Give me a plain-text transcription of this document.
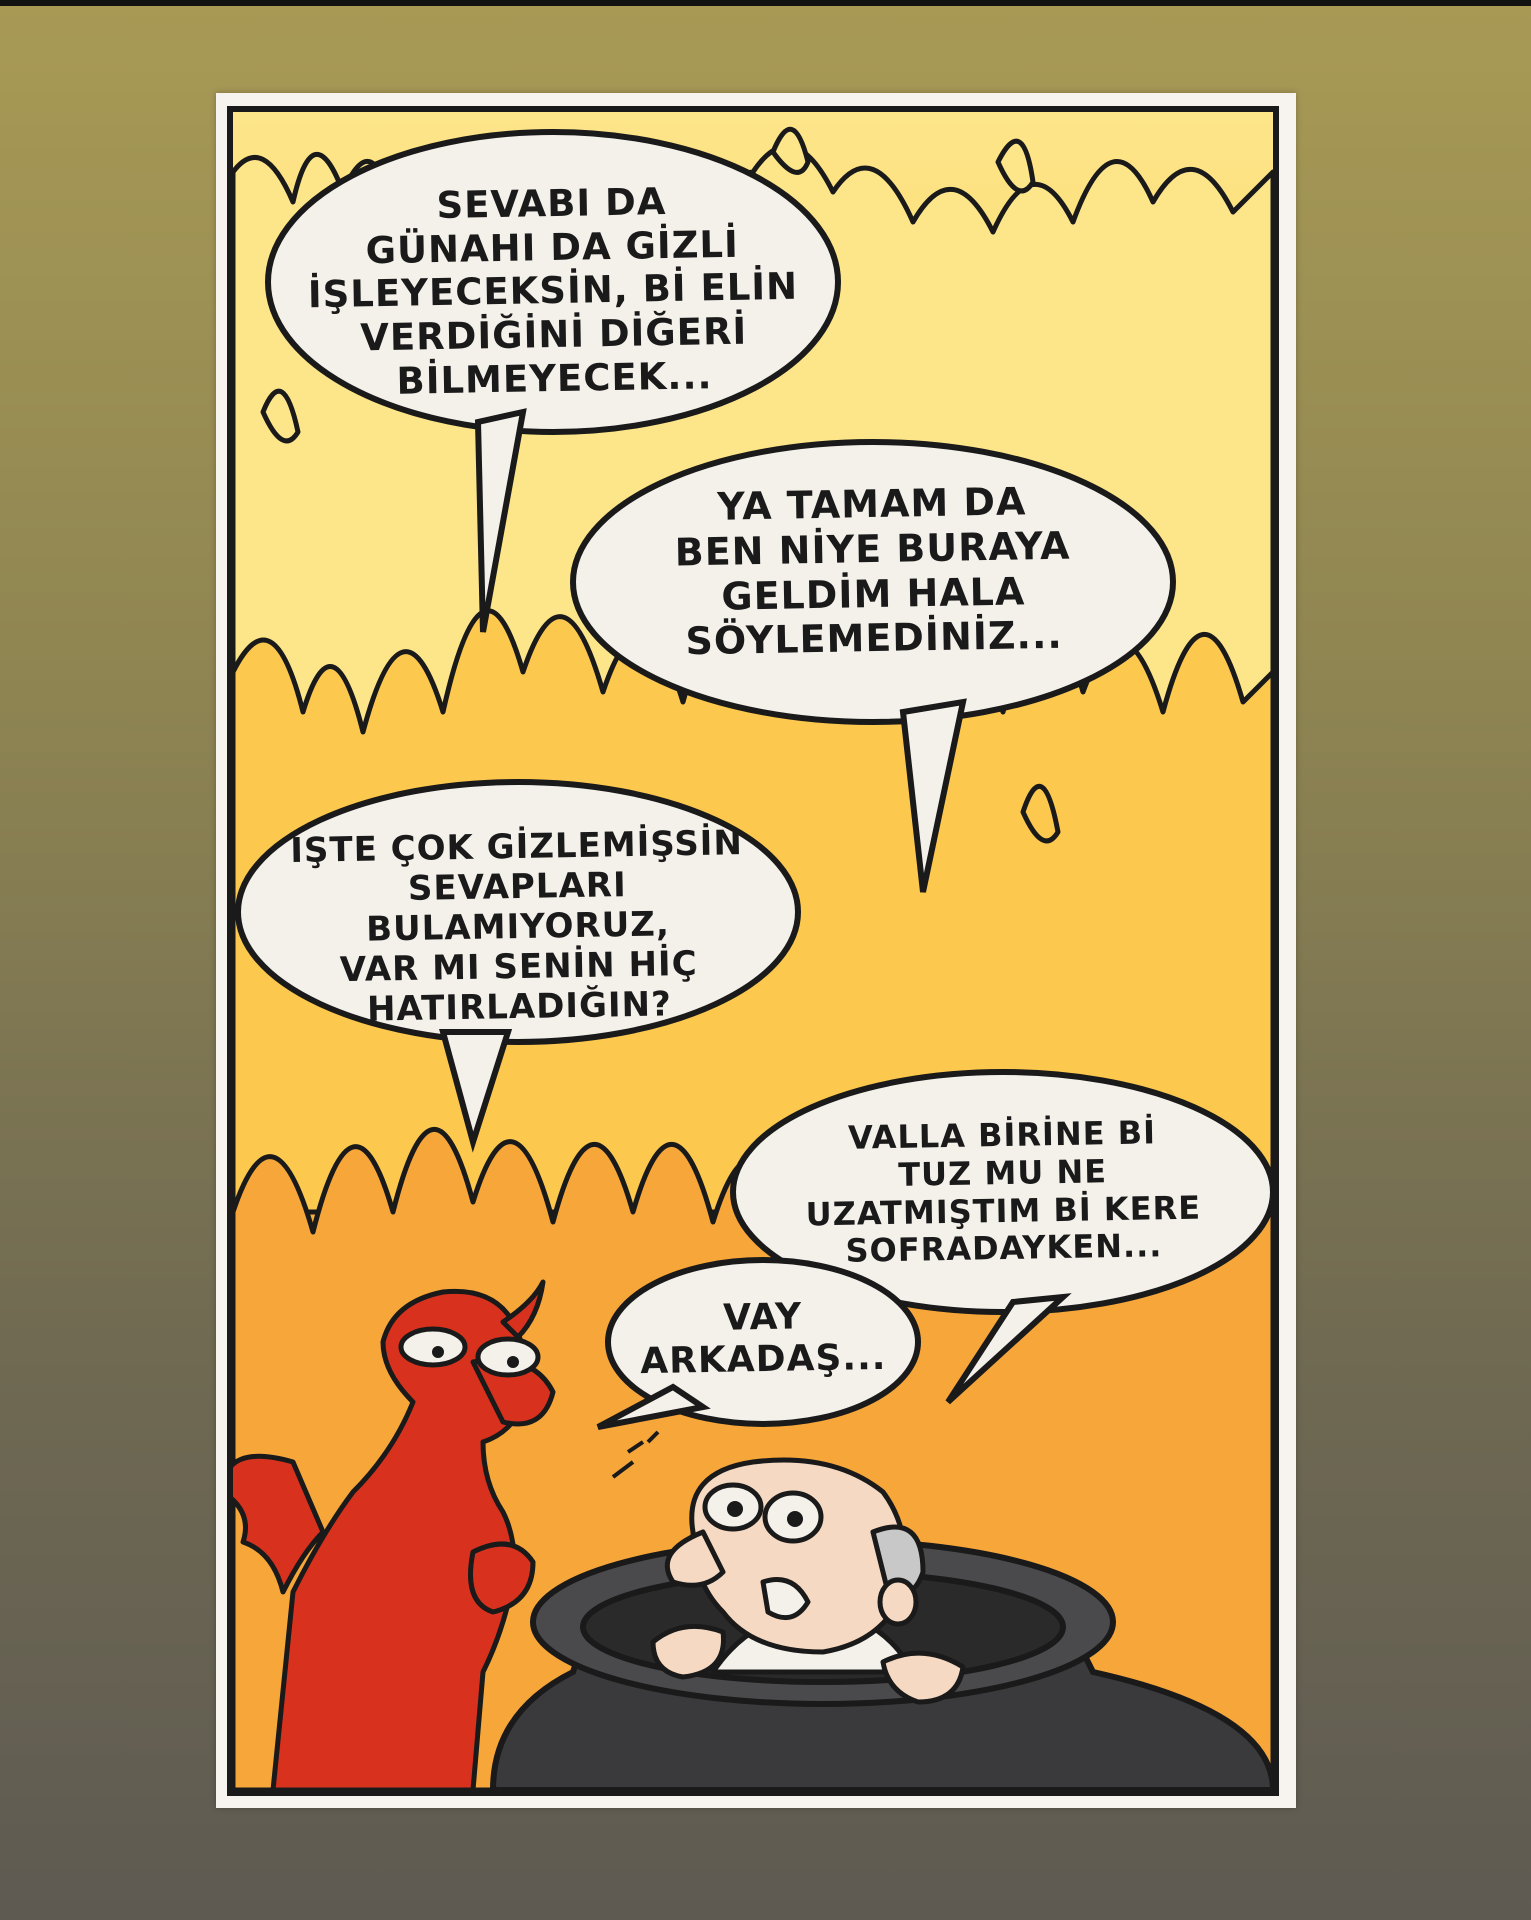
SEVABI DA
GÜNAHI DA GİZLİ
İŞLEYECEKSİN, Bİ ELİN
VERDİĞİNİ DİĞERİ
BİLMEYECEK...
YA TAMAM DA
BEN NİYE BURAYA
GELDİM HALA
SÖYLEMEDİNİZ...
İŞTE ÇOK GİZLEMİŞSİN
SEVAPLARI BULAMIYORUZ,
VAR MI SENİN HİÇ
HATIRLADIĞIN?
VALLA BİRİNE Bİ
TUZ MU NE
UZATMIŞTIM Bİ KERE
SOFRADAYKEN...
VAY
ARKADAŞ...
